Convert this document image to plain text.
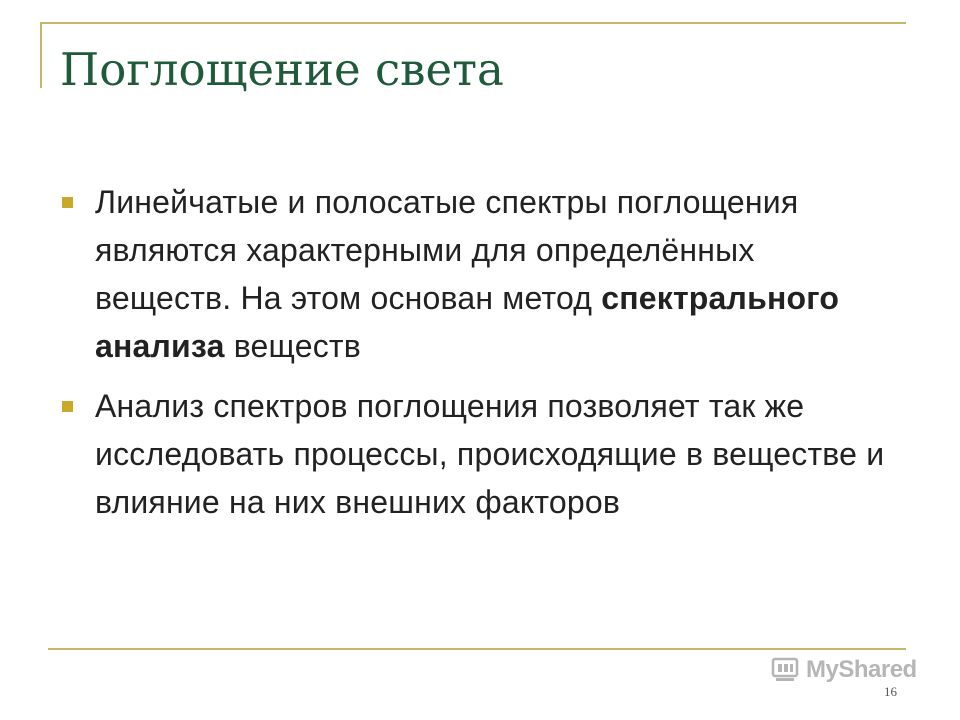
Поглощение света
Линейчатые и полосатые спектры поглощения являются характерными для определённых веществ. На этом основан метод спектрального анализа веществ
Анализ спектров поглощения позволяет так же исследовать процессы, происходящие в веществе и влияние на них внешних факторов
MyShared
16
